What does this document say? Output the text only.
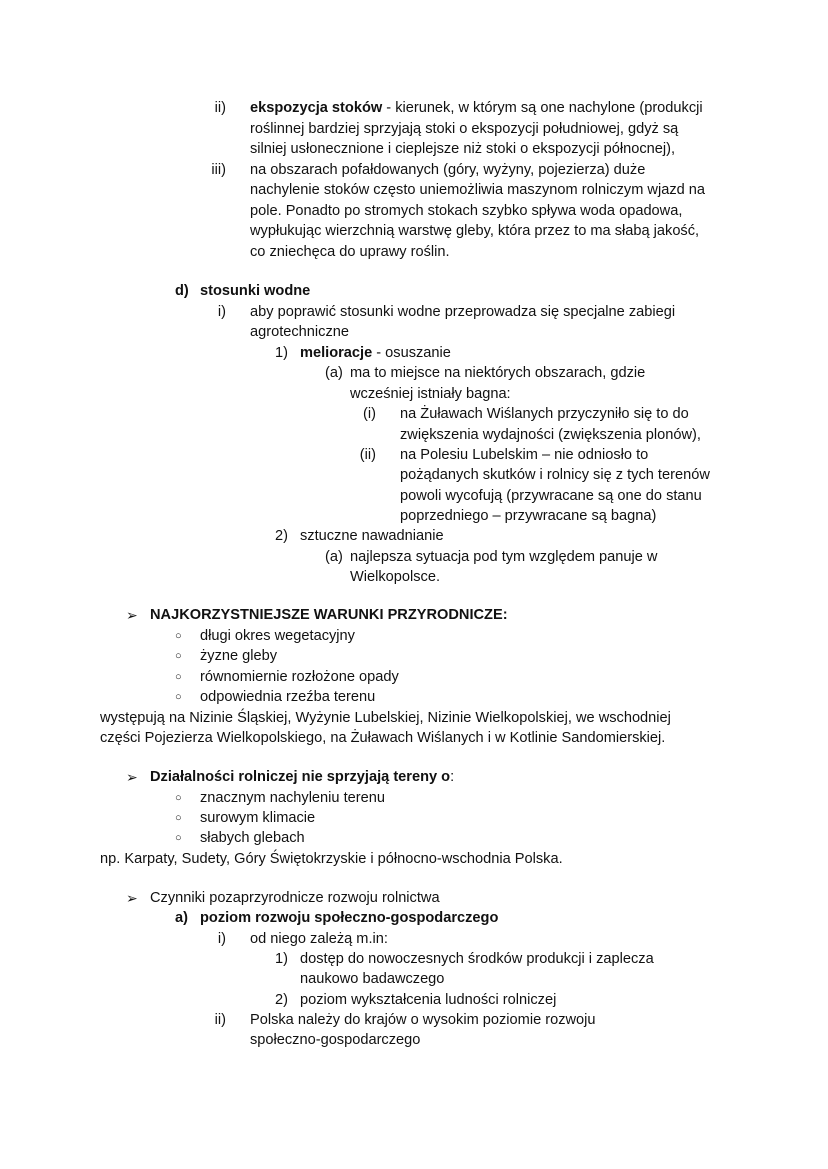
ii) ekspozycja stoków - kierunek, w którym są one nachylone (produkcji
roślinnej bardziej sprzyjają stoki o ekspozycji południowej, gdyż są
silniej usłonecznione i cieplejsze niż stoki o ekspozycji północnej),
iii) na obszarach pofałdowanych (góry, wyżyny, pojezierza) duże
nachylenie stoków często uniemożliwia maszynom rolniczym wjazd na
pole. Ponadto po stromych stokach szybko spływa woda opadowa,
wypłukując wierzchnią warstwę gleby, która przez to ma słabą jakość,
co zniechęca do uprawy roślin.
d) stosunki wodne
i) aby poprawić stosunki wodne przeprowadza się specjalne zabiegi
agrotechniczne
1) melioracje - osuszanie
(a) ma to miejsce na niektórych obszarach, gdzie
wcześniej istniały bagna:
(i) na Żuławach Wiślanych przyczyniło się to do
zwiększenia wydajności (zwiększenia plonów),
(ii) na Polesiu Lubelskim – nie odniosło to
pożądanych skutków i rolnicy się z tych terenów
powoli wycofują (przywracane są one do stanu
poprzedniego – przywracane są bagna)
2) sztuczne nawadnianie
(a) najlepsza sytuacja pod tym względem panuje w
Wielkopolsce.
➢ NAJKORZYSTNIEJSZE WARUNKI PRZYRODNICZE:
○ długi okres wegetacyjny
○ żyzne gleby
○ równomiernie rozłożone opady
○ odpowiednia rzeźba terenu
występują na Nizinie Śląskiej, Wyżynie Lubelskiej, Nizinie Wielkopolskiej, we wschodniej
części Pojezierza Wielkopolskiego, na Żuławach Wiślanych i w Kotlinie Sandomierskiej.
➢ Działalności rolniczej nie sprzyjają tereny o:
○ znacznym nachyleniu terenu
○ surowym klimacie
○ słabych glebach
np. Karpaty, Sudety, Góry Świętokrzyskie i północno-wschodnia Polska.
➢ Czynniki pozaprzyrodnicze rozwoju rolnictwa
a) poziom rozwoju społeczno-gospodarczego
i) od niego zależą m.in:
1) dostęp do nowoczesnych środków produkcji i zaplecza
naukowo badawczego
2) poziom wykształcenia ludności rolniczej
ii) Polska należy do krajów o wysokim poziomie rozwoju
społeczno-gospodarczego
